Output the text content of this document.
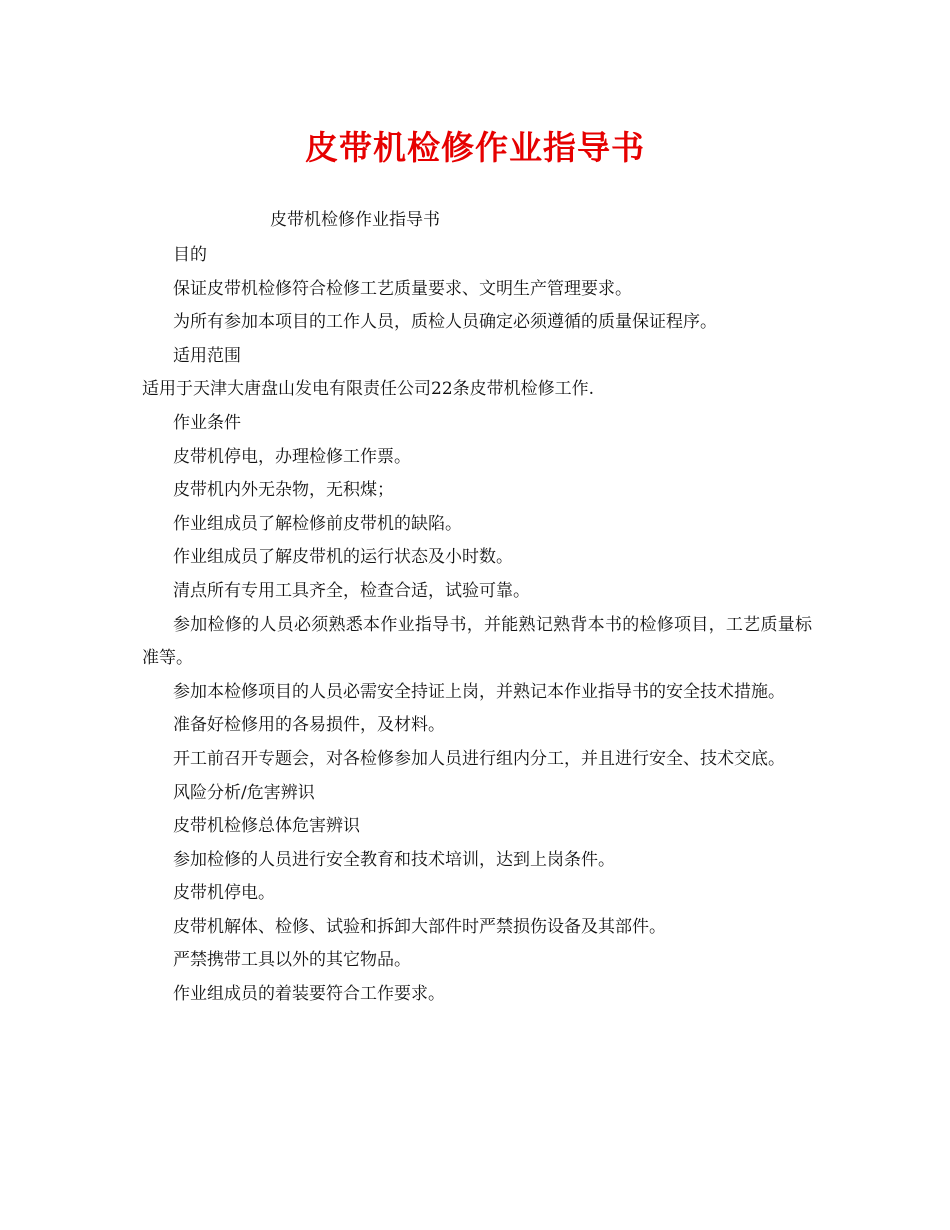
皮带机检修作业指导书
皮带机检修作业指导书

目的

保证皮带机检修符合检修工艺质量要求、文明生产管理要求。

为所有参加本项目的工作人员，质检人员确定必须遵循的质量保证程序。

适用范围

适用于天津大唐盘山发电有限责任公司22条皮带机检修工作.

作业条件

皮带机停电，办理检修工作票。

皮带机内外无杂物，无积煤；

作业组成员了解检修前皮带机的缺陷。

作业组成员了解皮带机的运行状态及小时数。

清点所有专用工具齐全，检查合适，试验可靠。

参加检修的人员必须熟悉本作业指导书，并能熟记熟背本书的检修项目，工艺质量标准等。

参加本检修项目的人员必需安全持证上岗，并熟记本作业指导书的安全技术措施。

准备好检修用的各易损件，及材料。

开工前召开专题会，对各检修参加人员进行组内分工，并且进行安全、技术交底。

风险分析/危害辨识

皮带机检修总体危害辨识

参加检修的人员进行安全教育和技术培训，达到上岗条件。

皮带机停电。

皮带机解体、检修、试验和拆卸大部件时严禁损伤设备及其部件。

严禁携带工具以外的其它物品。

作业组成员的着装要符合工作要求。
